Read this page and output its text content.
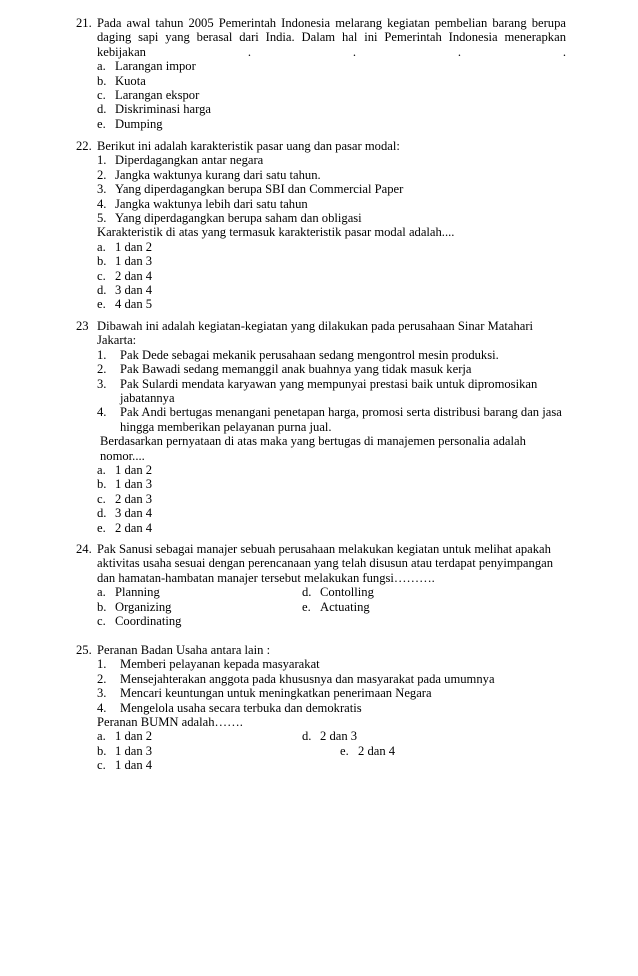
21. Pada awal tahun 2005 Pemerintah Indonesia melarang kegiatan pembelian barang berupa daging sapi yang berasal dari India. Dalam hal ini Pemerintah Indonesia menerapkan kebijakan . . . .

a. Larangan impor
b. Kuota
c. Larangan ekspor
d. Diskriminasi harga
e. Dumping
22. Berikut ini adalah karakteristik pasar uang dan pasar modal:
1. Diperdagangkan antar negara
2. Jangka waktunya kurang dari satu tahun.
3. Yang diperdagangkan berupa SBI dan Commercial Paper
4. Jangka waktunya lebih dari satu tahun
5. Yang diperdagangkan berupa saham dan obligasi
Karakteristik di atas yang termasuk karakteristik pasar modal adalah....
a. 1 dan 2
b. 1 dan 3
c. 2 dan 4
d. 3 dan 4
e. 4 dan 5
23 Dibawah ini adalah kegiatan-kegiatan yang dilakukan pada perusahaan Sinar Matahari
Jakarta:
1. Pak Dede sebagai mekanik perusahaan sedang mengontrol mesin produksi.
2. Pak Bawadi sedang memanggil anak buahnya yang tidak masuk kerja
3. Pak Sulardi mendata karyawan yang mempunyai prestasi baik untuk dipromosikan
jabatannya
4. Pak Andi bertugas menangani penetapan harga, promosi serta distribusi barang dan jasa
hingga memberikan pelayanan purna jual.
Berdasarkan pernyataan di atas maka yang bertugas di manajemen personalia adalah
nomor....
a. 1 dan 2
b. 1 dan 3
c. 2 dan 3
d. 3 dan 4
e. 2 dan 4
24. Pak Sanusi sebagai manajer sebuah perusahaan melakukan kegiatan untuk melihat apakah
aktivitas usaha sesuai dengan perencanaan yang telah disusun atau terdapat penyimpangan
dan hamatan-hambatan manajer tersebut melakukan fungsi……….
a. Planning	d. Contolling
b. Organizing	e. Actuating
c. Coordinating
25. Peranan Badan Usaha antara lain :
1. Memberi pelayanan kepada masyarakat
2. Mensejahterakan anggota pada khususnya dan masyarakat pada umumnya
3. Mencari keuntungan untuk meningkatkan penerimaan Negara
4. Mengelola usaha secara terbuka dan demokratis
Peranan BUMN adalah…….
a. 1 dan 2	d. 2 dan 3
b. 1 dan 3	e. 2 dan 4
c. 1 dan 4
